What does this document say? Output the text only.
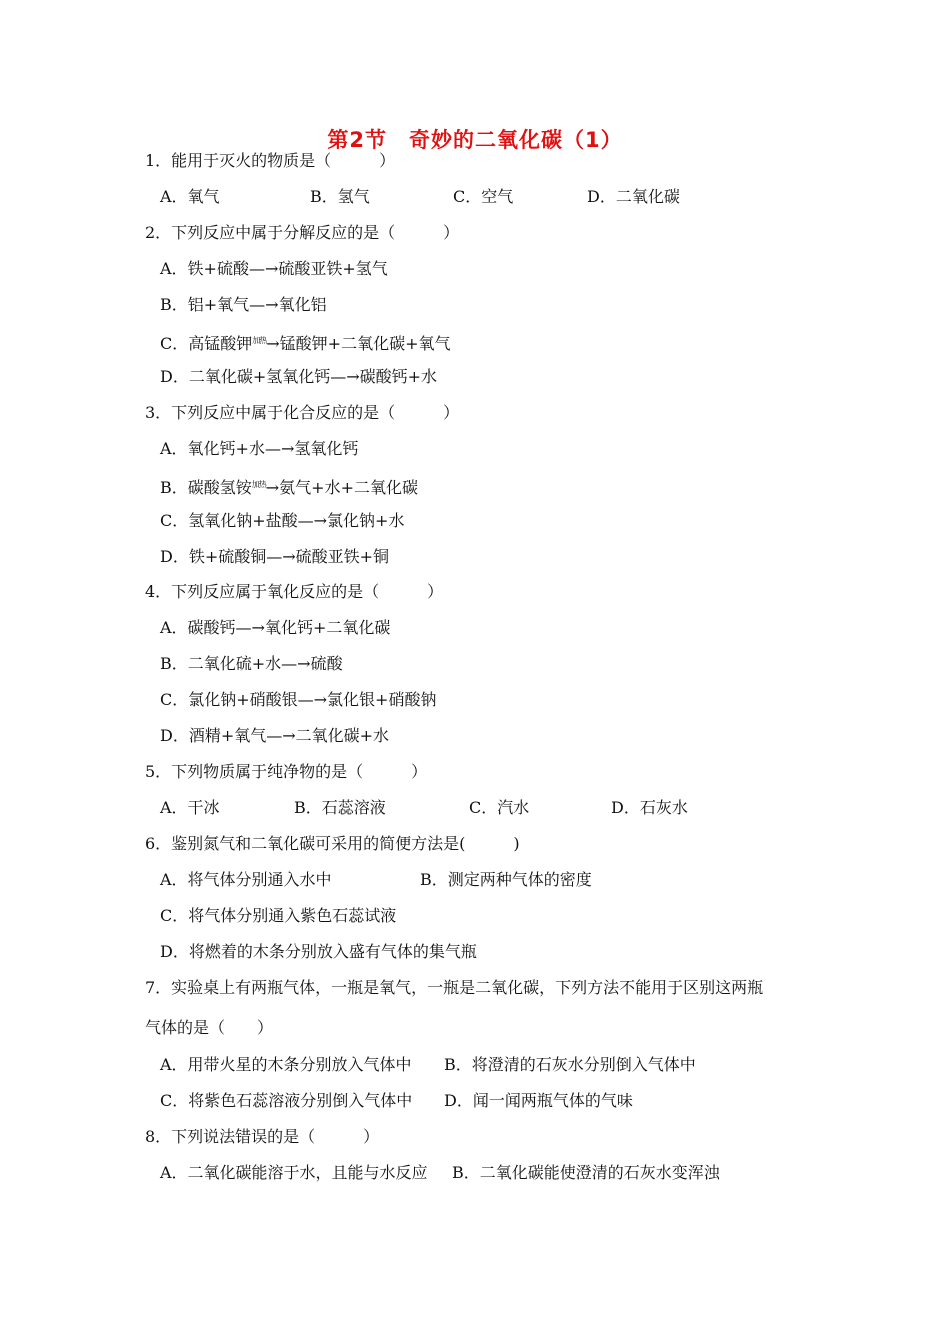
第2节　奇妙的二氧化碳（1）
1．能用于灭火的物质是（　　　）
A．氧气	B．氢气	C．空气	D．二氧化碳
2．下列反应中属于分解反应的是（　　　）
A．铁+硫酸—→硫酸亚铁+氢气
B．铝+氧气—→氧化铝
C．高锰酸钾$^{加热}$→锰酸钾+二氧化碳+氧气
D．二氧化碳+氢氧化钙—→碳酸钙+水
3．下列反应中属于化合反应的是（　　　）
A．氧化钙+水—→氢氧化钙
B．碳酸氢铵$^{加热}$→氨气+水+二氧化碳
C．氢氧化钠+盐酸—→氯化钠+水
D．铁+硫酸铜—→硫酸亚铁+铜
4．下列反应属于氧化反应的是（　　　）
A．碳酸钙—→氧化钙+二氧化碳
B．二氧化硫+水—→硫酸
C．氯化钠+硝酸银—→氯化银+硝酸钠
D．酒精+氧气—→二氧化碳+水
5．下列物质属于纯净物的是（　　　）
A．干冰	B．石蕊溶液	C．汽水	D．石灰水
6．鉴别氮气和二氧化碳可采用的简便方法是(　　　)
A．将气体分别通入水中	B．测定两种气体的密度
C．将气体分别通入紫色石蕊试液
D．将燃着的木条分别放入盛有气体的集气瓶
7．实验桌上有两瓶气体，一瓶是氧气，一瓶是二氧化碳，下列方法不能用于区别这两瓶
气体的是（　　）
A．用带火星的木条分别放入气体中 B．将澄清的石灰水分别倒入气体中
C．将紫色石蕊溶液分别倒入气体中 D．闻一闻两瓶气体的气味
8．下列说法错误的是（　　　）
A．二氧化碳能溶于水，且能与水反应 B．二氧化碳能使澄清的石灰水变浑浊
